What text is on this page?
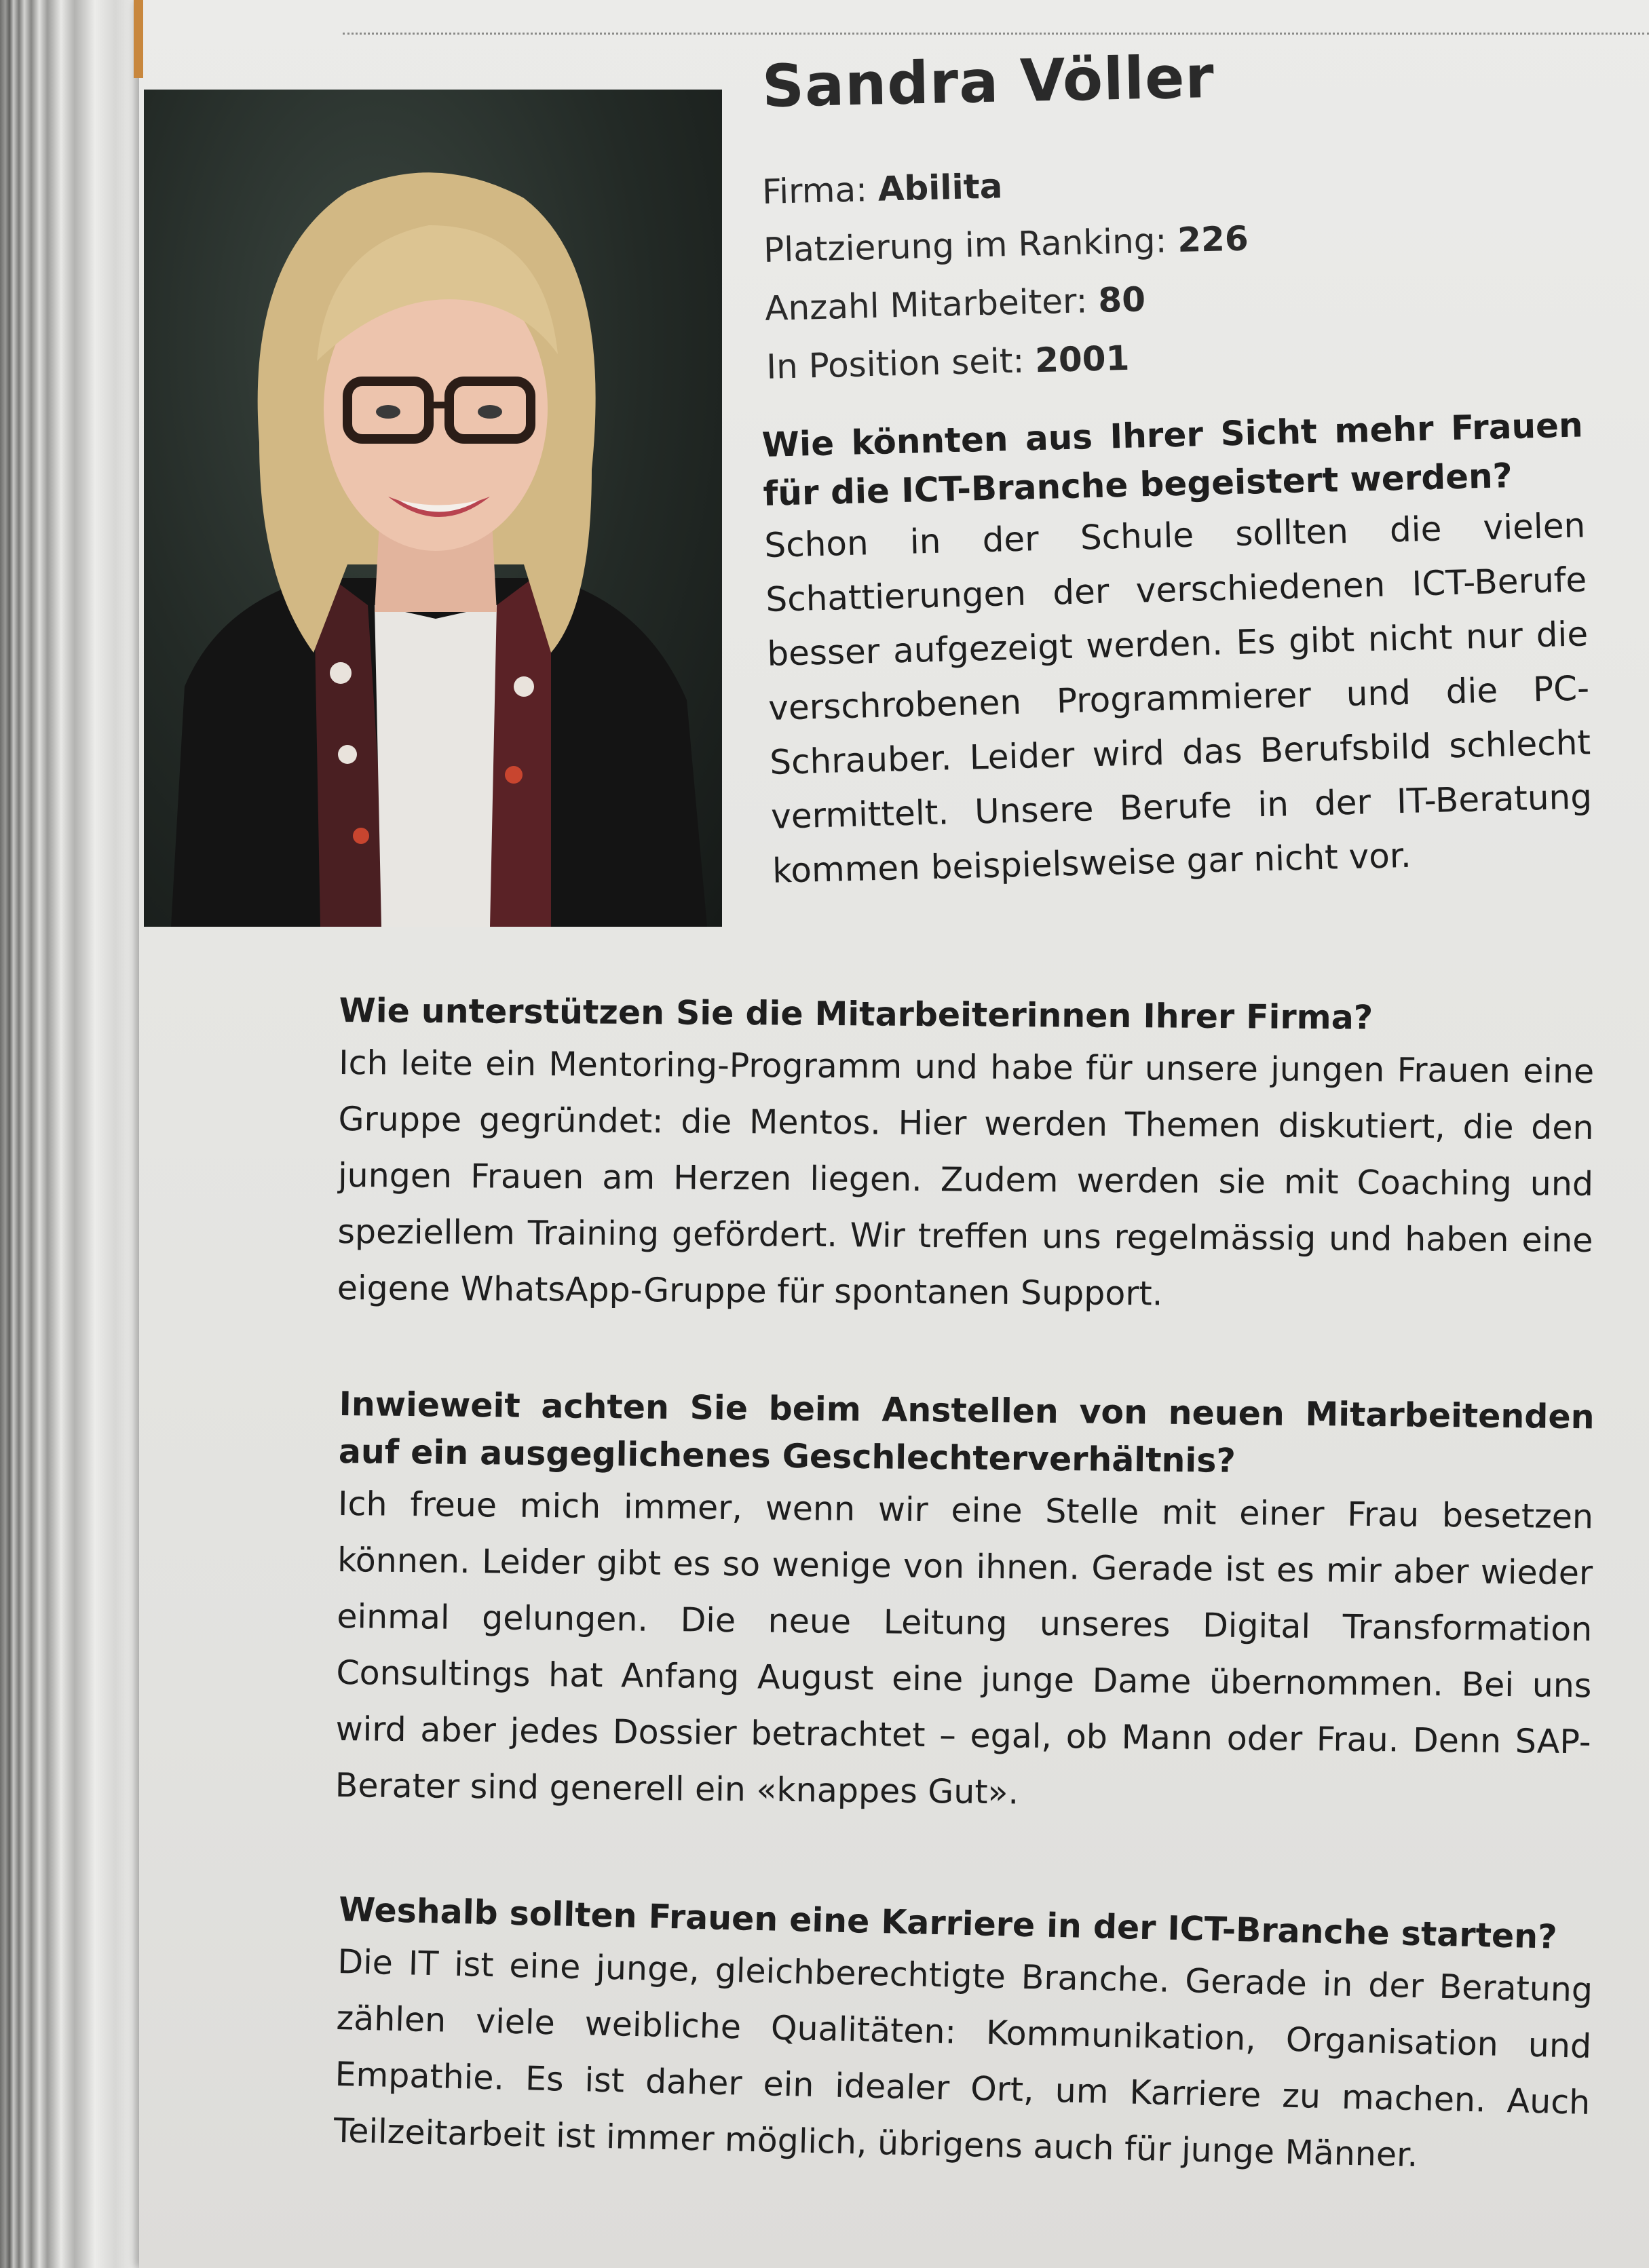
Sandra Völler
Firma: Abilita
Platzierung im Ranking: 226
Anzahl Mitarbeiter: 80
In Position seit: 2001

Wie könnten aus Ihrer Sicht mehr Frauen für die ICT-Branche begeistert werden?

Schon in der Schule sollten die vielen Schattierungen der verschiedenen ICT-Berufe besser aufgezeigt werden. Es gibt nicht nur die verschrobenen Programmierer und die PC-Schrauber. Leider wird das Berufsbild schlecht vermittelt. Unsere Berufe in der IT-Beratung kommen beispielsweise gar nicht vor.

Wie unterstützen Sie die Mitarbeiterinnen Ihrer Firma?

Ich leite ein Mentoring-Programm und habe für unsere jungen Frauen eine Gruppe gegründet: die Mentos. Hier werden Themen diskutiert, die den jungen Frauen am Herzen liegen. Zudem werden sie mit Coaching und speziellem Training gefördert. Wir treffen uns regelmässig und haben eine eigene WhatsApp-Gruppe für spontanen Support.

Inwieweit achten Sie beim Anstellen von neuen Mitarbeitenden auf ein ausgeglichenes Geschlechterverhältnis?

Ich freue mich immer, wenn wir eine Stelle mit einer Frau besetzen können. Leider gibt es so wenige von ihnen. Gerade ist es mir aber wieder einmal gelungen. Die neue Leitung unseres Digital Transformation Consultings hat Anfang August eine junge Dame übernommen. Bei uns wird aber jedes Dossier betrachtet – egal, ob Mann oder Frau. Denn SAP-Berater sind generell ein «knappes Gut».

Weshalb sollten Frauen eine Karriere in der ICT-Branche starten?

Die IT ist eine junge, gleichberechtigte Branche. Gerade in der Beratung zählen viele weibliche Qualitäten: Kommunikation, Organisation und Empathie. Es ist daher ein idealer Ort, um Karriere zu machen. Auch Teilzeitarbeit ist immer möglich, übrigens auch für junge Männer.
